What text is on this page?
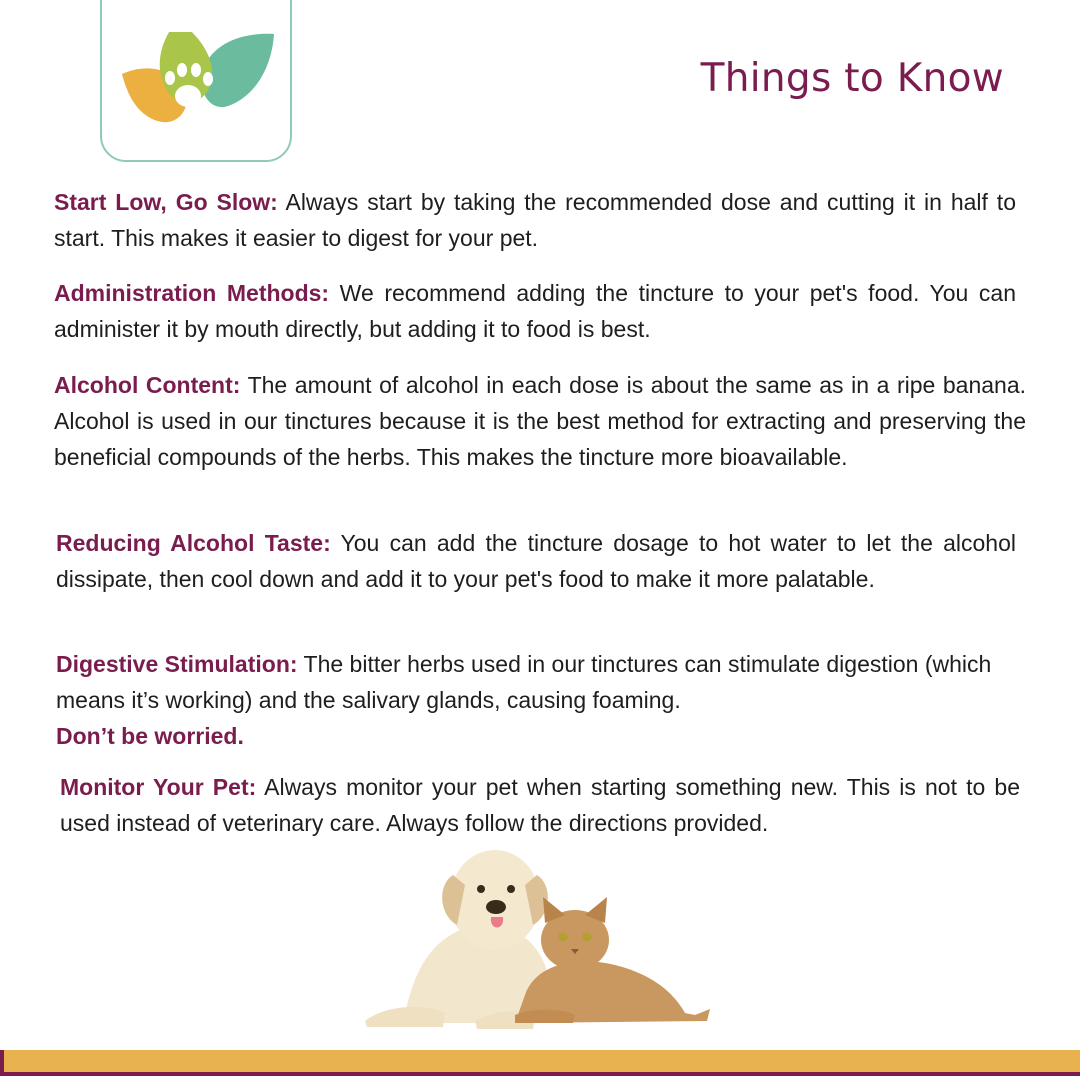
Things to Know

Start Low, Go Slow: Always start by taking the recommended dose and cutting it in half to start. This makes it easier to digest for your pet.

Administration Methods: We recommend adding the tincture to your pet's food. You can administer it by mouth directly, but adding it to food is best.

Alcohol Content: The amount of alcohol in each dose is about the same as in a ripe banana. Alcohol is used in our tinctures because it is the best method for extracting and preserving the beneficial compounds of the herbs. This makes the tincture more bioavailable.

Reducing Alcohol Taste: You can add the tincture dosage to hot water to let the alcohol dissipate, then cool down and add it to your pet's food to make it more palatable.

Digestive Stimulation: The bitter herbs used in our tinctures can stimulate digestion (which means it’s working) and the salivary glands, causing foaming.
Don’t be worried.

Monitor Your Pet: Always monitor your pet when starting something new. This is not to be used instead of veterinary care. Always follow the directions provided.
